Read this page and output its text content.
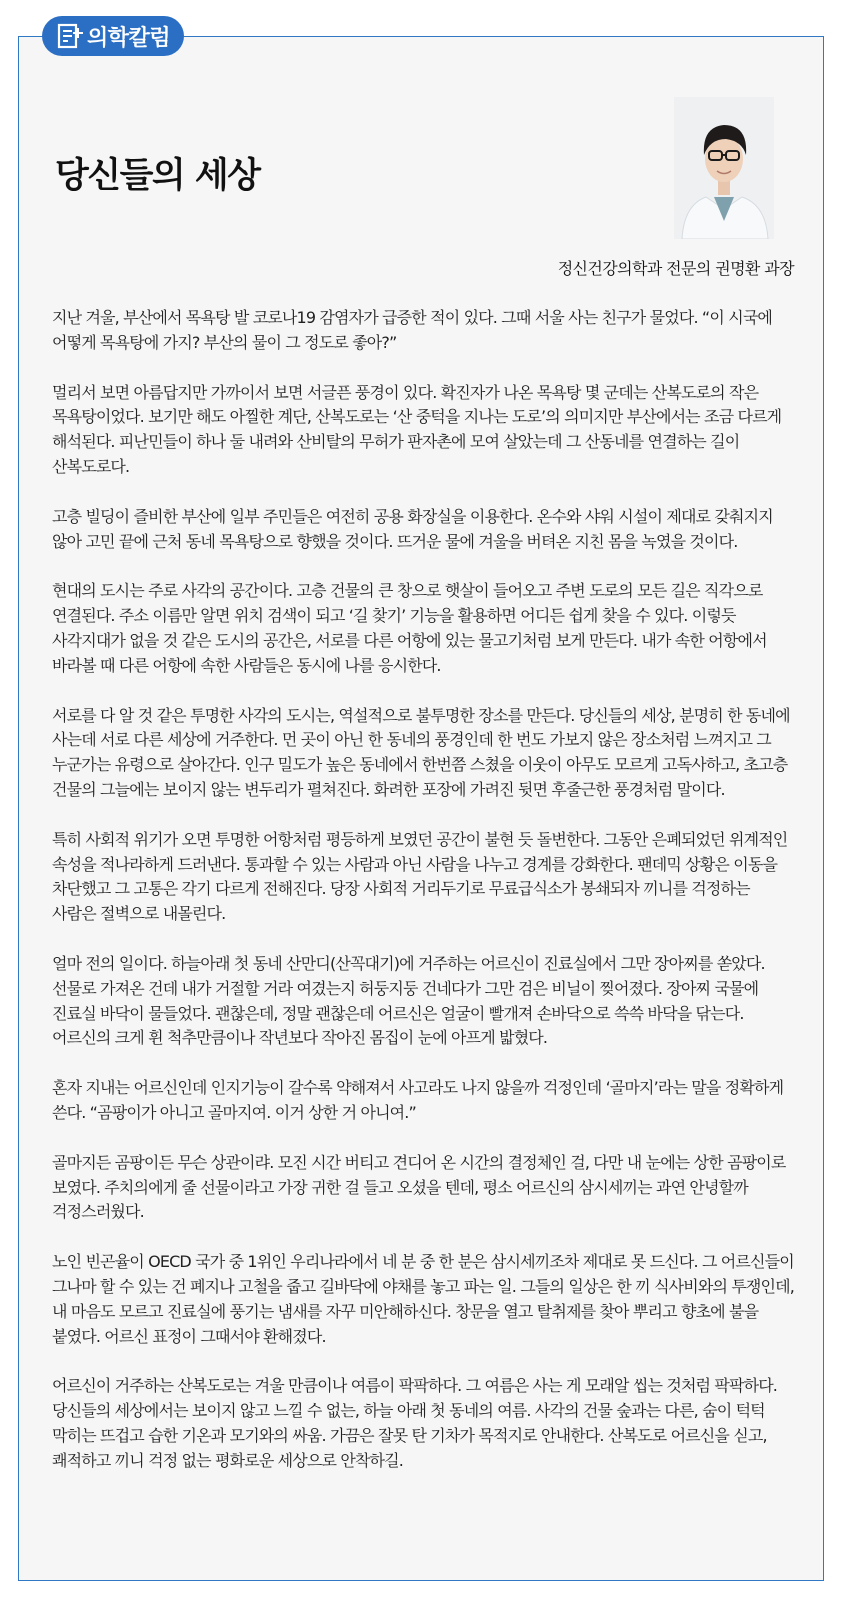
의학칼럼
당신들의 세상
정신건강의학과 전문의 권명환 과장

지난 겨울, 부산에서 목욕탕 발 코로나19 감염자가 급증한 적이 있다. 그때 서울 사는 친구가 물었다. “이 시국에 어떻게 목욕탕에 가지? 부산의 물이 그 정도로 좋아?”

멀리서 보면 아름답지만 가까이서 보면 서글픈 풍경이 있다. 확진자가 나온 목욕탕 몇 군데는 산복도로의 작은 목욕탕이었다. 보기만 해도 아찔한 계단, 산복도로는 ‘산 중턱을 지나는 도로’의 의미지만 부산에서는 조금 다르게 해석된다. 피난민들이 하나 둘 내려와 산비탈의 무허가 판자촌에 모여 살았는데 그 산동네를 연결하는 길이 산복도로다.

고층 빌딩이 즐비한 부산에 일부 주민들은 여전히 공용 화장실을 이용한다. 온수와 샤워 시설이 제대로 갖춰지지 않아 고민 끝에 근처 동네 목욕탕으로 향했을 것이다. 뜨거운 물에 겨울을 버텨온 지친 몸을 녹였을 것이다.

현대의 도시는 주로 사각의 공간이다. 고층 건물의 큰 창으로 햇살이 들어오고 주변 도로의 모든 길은 직각으로 연결된다. 주소 이름만 알면 위치 검색이 되고 ‘길 찾기’ 기능을 활용하면 어디든 쉽게 찾을 수 있다. 이렇듯 사각지대가 없을 것 같은 도시의 공간은, 서로를 다른 어항에 있는 물고기처럼 보게 만든다. 내가 속한 어항에서 바라볼 때 다른 어항에 속한 사람들은 동시에 나를 응시한다.

서로를 다 알 것 같은 투명한 사각의 도시는, 역설적으로 불투명한 장소를 만든다. 당신들의 세상, 분명히 한 동네에 사는데 서로 다른 세상에 거주한다. 먼 곳이 아닌 한 동네의 풍경인데 한 번도 가보지 않은 장소처럼 느껴지고 그 누군가는 유령으로 살아간다. 인구 밀도가 높은 동네에서 한번쯤 스쳤을 이웃이 아무도 모르게 고독사하고, 초고층 건물의 그늘에는 보이지 않는 변두리가 펼쳐진다. 화려한 포장에 가려진 뒷면 후줄근한 풍경처럼 말이다.

특히 사회적 위기가 오면 투명한 어항처럼 평등하게 보였던 공간이 불현 듯 돌변한다. 그동안 은폐되었던 위계적인 속성을 적나라하게 드러낸다. 통과할 수 있는 사람과 아닌 사람을 나누고 경계를 강화한다. 팬데믹 상황은 이동을 차단했고 그 고통은 각기 다르게 전해진다. 당장 사회적 거리두기로 무료급식소가 봉쇄되자 끼니를 걱정하는 사람은 절벽으로 내몰린다.

얼마 전의 일이다. 하늘아래 첫 동네 산만디(산꼭대기)에 거주하는 어르신이 진료실에서 그만 장아찌를 쏟았다. 선물로 가져온 건데 내가 거절할 거라 여겼는지 허둥지둥 건네다가 그만 검은 비닐이 찢어졌다. 장아찌 국물에 진료실 바닥이 물들었다. 괜찮은데, 정말 괜찮은데 어르신은 얼굴이 빨개져 손바닥으로 쓱쓱 바닥을 닦는다. 어르신의 크게 휜 척추만큼이나 작년보다 작아진 몸집이 눈에 아프게 밟혔다.

혼자 지내는 어르신인데 인지기능이 갈수록 약해져서 사고라도 나지 않을까 걱정인데 ‘골마지’라는 말을 정확하게 쓴다. “곰팡이가 아니고 골마지여. 이거 상한 거 아니여.”

골마지든 곰팡이든 무슨 상관이랴. 모진 시간 버티고 견디어 온 시간의 결정체인 걸, 다만 내 눈에는 상한 곰팡이로 보였다. 주치의에게 줄 선물이라고 가장 귀한 걸 들고 오셨을 텐데, 평소 어르신의 삼시세끼는 과연 안녕할까 걱정스러웠다.

노인 빈곤율이 OECD 국가 중 1위인 우리나라에서 네 분 중 한 분은 삼시세끼조차 제대로 못 드신다. 그 어르신들이 그나마 할 수 있는 건 폐지나 고철을 줍고 길바닥에 야채를 놓고 파는 일. 그들의 일상은 한 끼 식사비와의 투쟁인데, 내 마음도 모르고 진료실에 풍기는 냄새를 자꾸 미안해하신다. 창문을 열고 탈취제를 찾아 뿌리고 향초에 불을 붙였다. 어르신 표정이 그때서야 환해졌다.

어르신이 거주하는 산복도로는 겨울 만큼이나 여름이 팍팍하다. 그 여름은 사는 게 모래알 씹는 것처럼 팍팍하다. 당신들의 세상에서는 보이지 않고 느낄 수 없는, 하늘 아래 첫 동네의 여름. 사각의 건물 숲과는 다른, 숨이 턱턱 막히는 뜨겁고 습한 기온과 모기와의 싸움. 가끔은 잘못 탄 기차가 목적지로 안내한다. 산복도로 어르신을 싣고, 쾌적하고 끼니 걱정 없는 평화로운 세상으로 안착하길.
